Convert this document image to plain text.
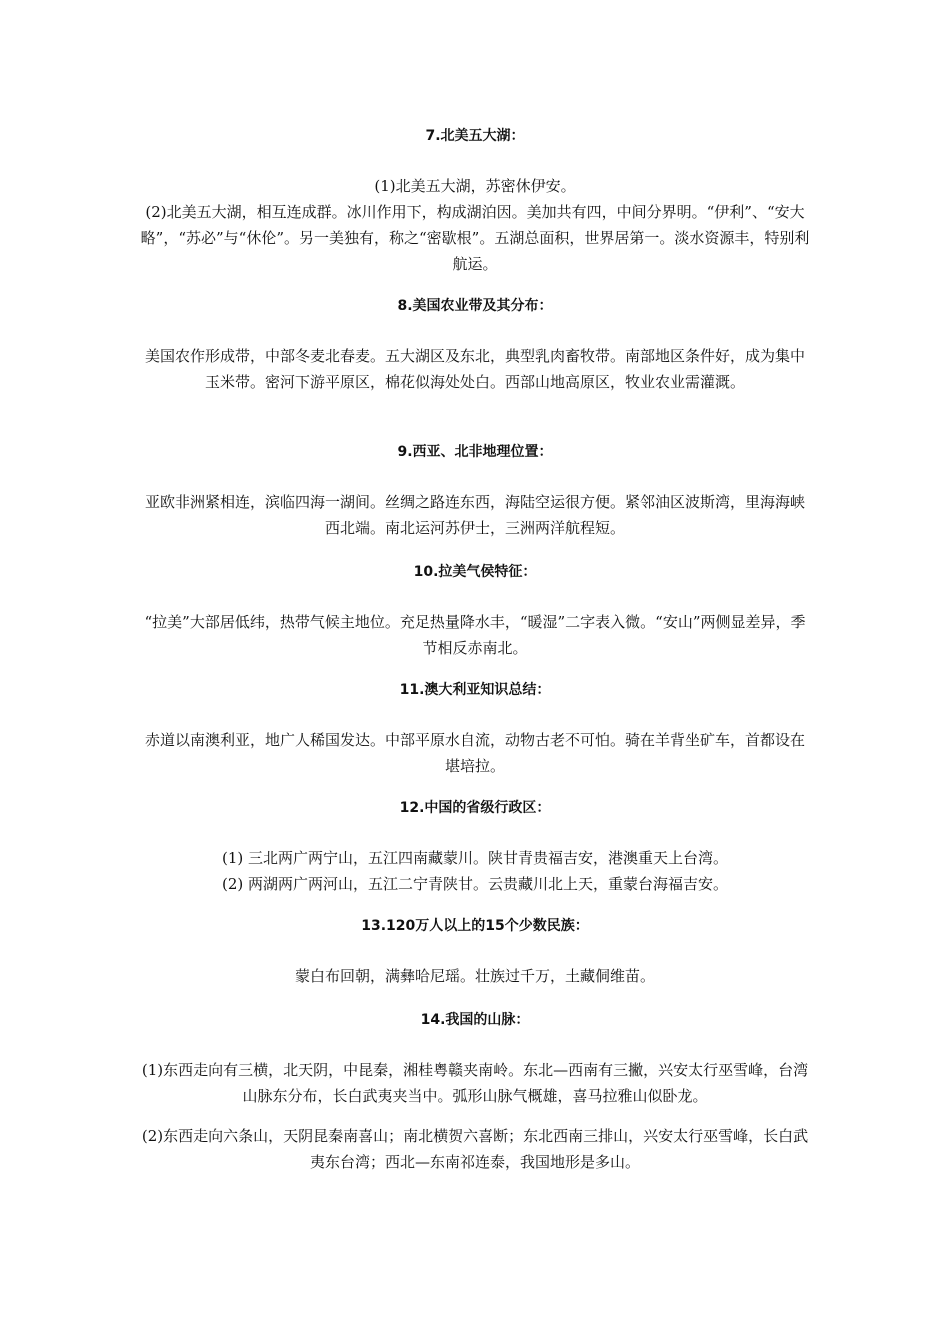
7.北美五大湖：

(1)北美五大湖，苏密休伊安。

(2)北美五大湖，相互连成群。冰川作用下，构成湖泊因。美加共有四，中间分界明。“伊利”、“安大略”，“苏必”与“休伦”。另一美独有，称之“密歇根”。五湖总面积，世界居第一。淡水资源丰，特别利航运。

8.美国农业带及其分布：

美国农作形成带，中部冬麦北春麦。五大湖区及东北，典型乳肉畜牧带。南部地区条件好，成为集中玉米带。密河下游平原区，棉花似海处处白。西部山地高原区，牧业农业需灌溉。

9.西亚、北非地理位置：

亚欧非洲紧相连，滨临四海一湖间。丝绸之路连东西，海陆空运很方便。紧邻油区波斯湾，里海海峡西北端。南北运河苏伊士，三洲两洋航程短。

10.拉美气侯特征：

“拉美”大部居低纬，热带气候主地位。充足热量降水丰，“暖湿”二字表入微。“安山”两侧显差异，季节相反赤南北。

11.澳大利亚知识总结：

赤道以南澳利亚，地广人稀国发达。中部平原水自流，动物古老不可怕。骑在羊背坐矿车，首都设在堪培拉。

12.中国的省级行政区：

(1) 三北两广两宁山，五江四南藏蒙川。陕甘青贵福吉安，港澳重天上台湾。

(2) 两湖两广两河山，五江二宁青陕甘。云贵藏川北上天，重蒙台海福吉安。

13.120万人以上的15个少数民族：

蒙白布回朝，满彝哈尼瑶。壮族过千万，土藏侗维苗。

14.我国的山脉：

(1)东西走向有三横，北天阴，中昆秦，湘桂粤赣夹南岭。东北—西南有三撇，兴安太行巫雪峰，台湾山脉东分布，长白武夷夹当中。弧形山脉气概雄，喜马拉雅山似卧龙。

(2)东西走向六条山，天阴昆秦南喜山；南北横贺六喜断；东北西南三排山，兴安太行巫雪峰，长白武夷东台湾；西北—东南祁连泰，我国地形是多山。
